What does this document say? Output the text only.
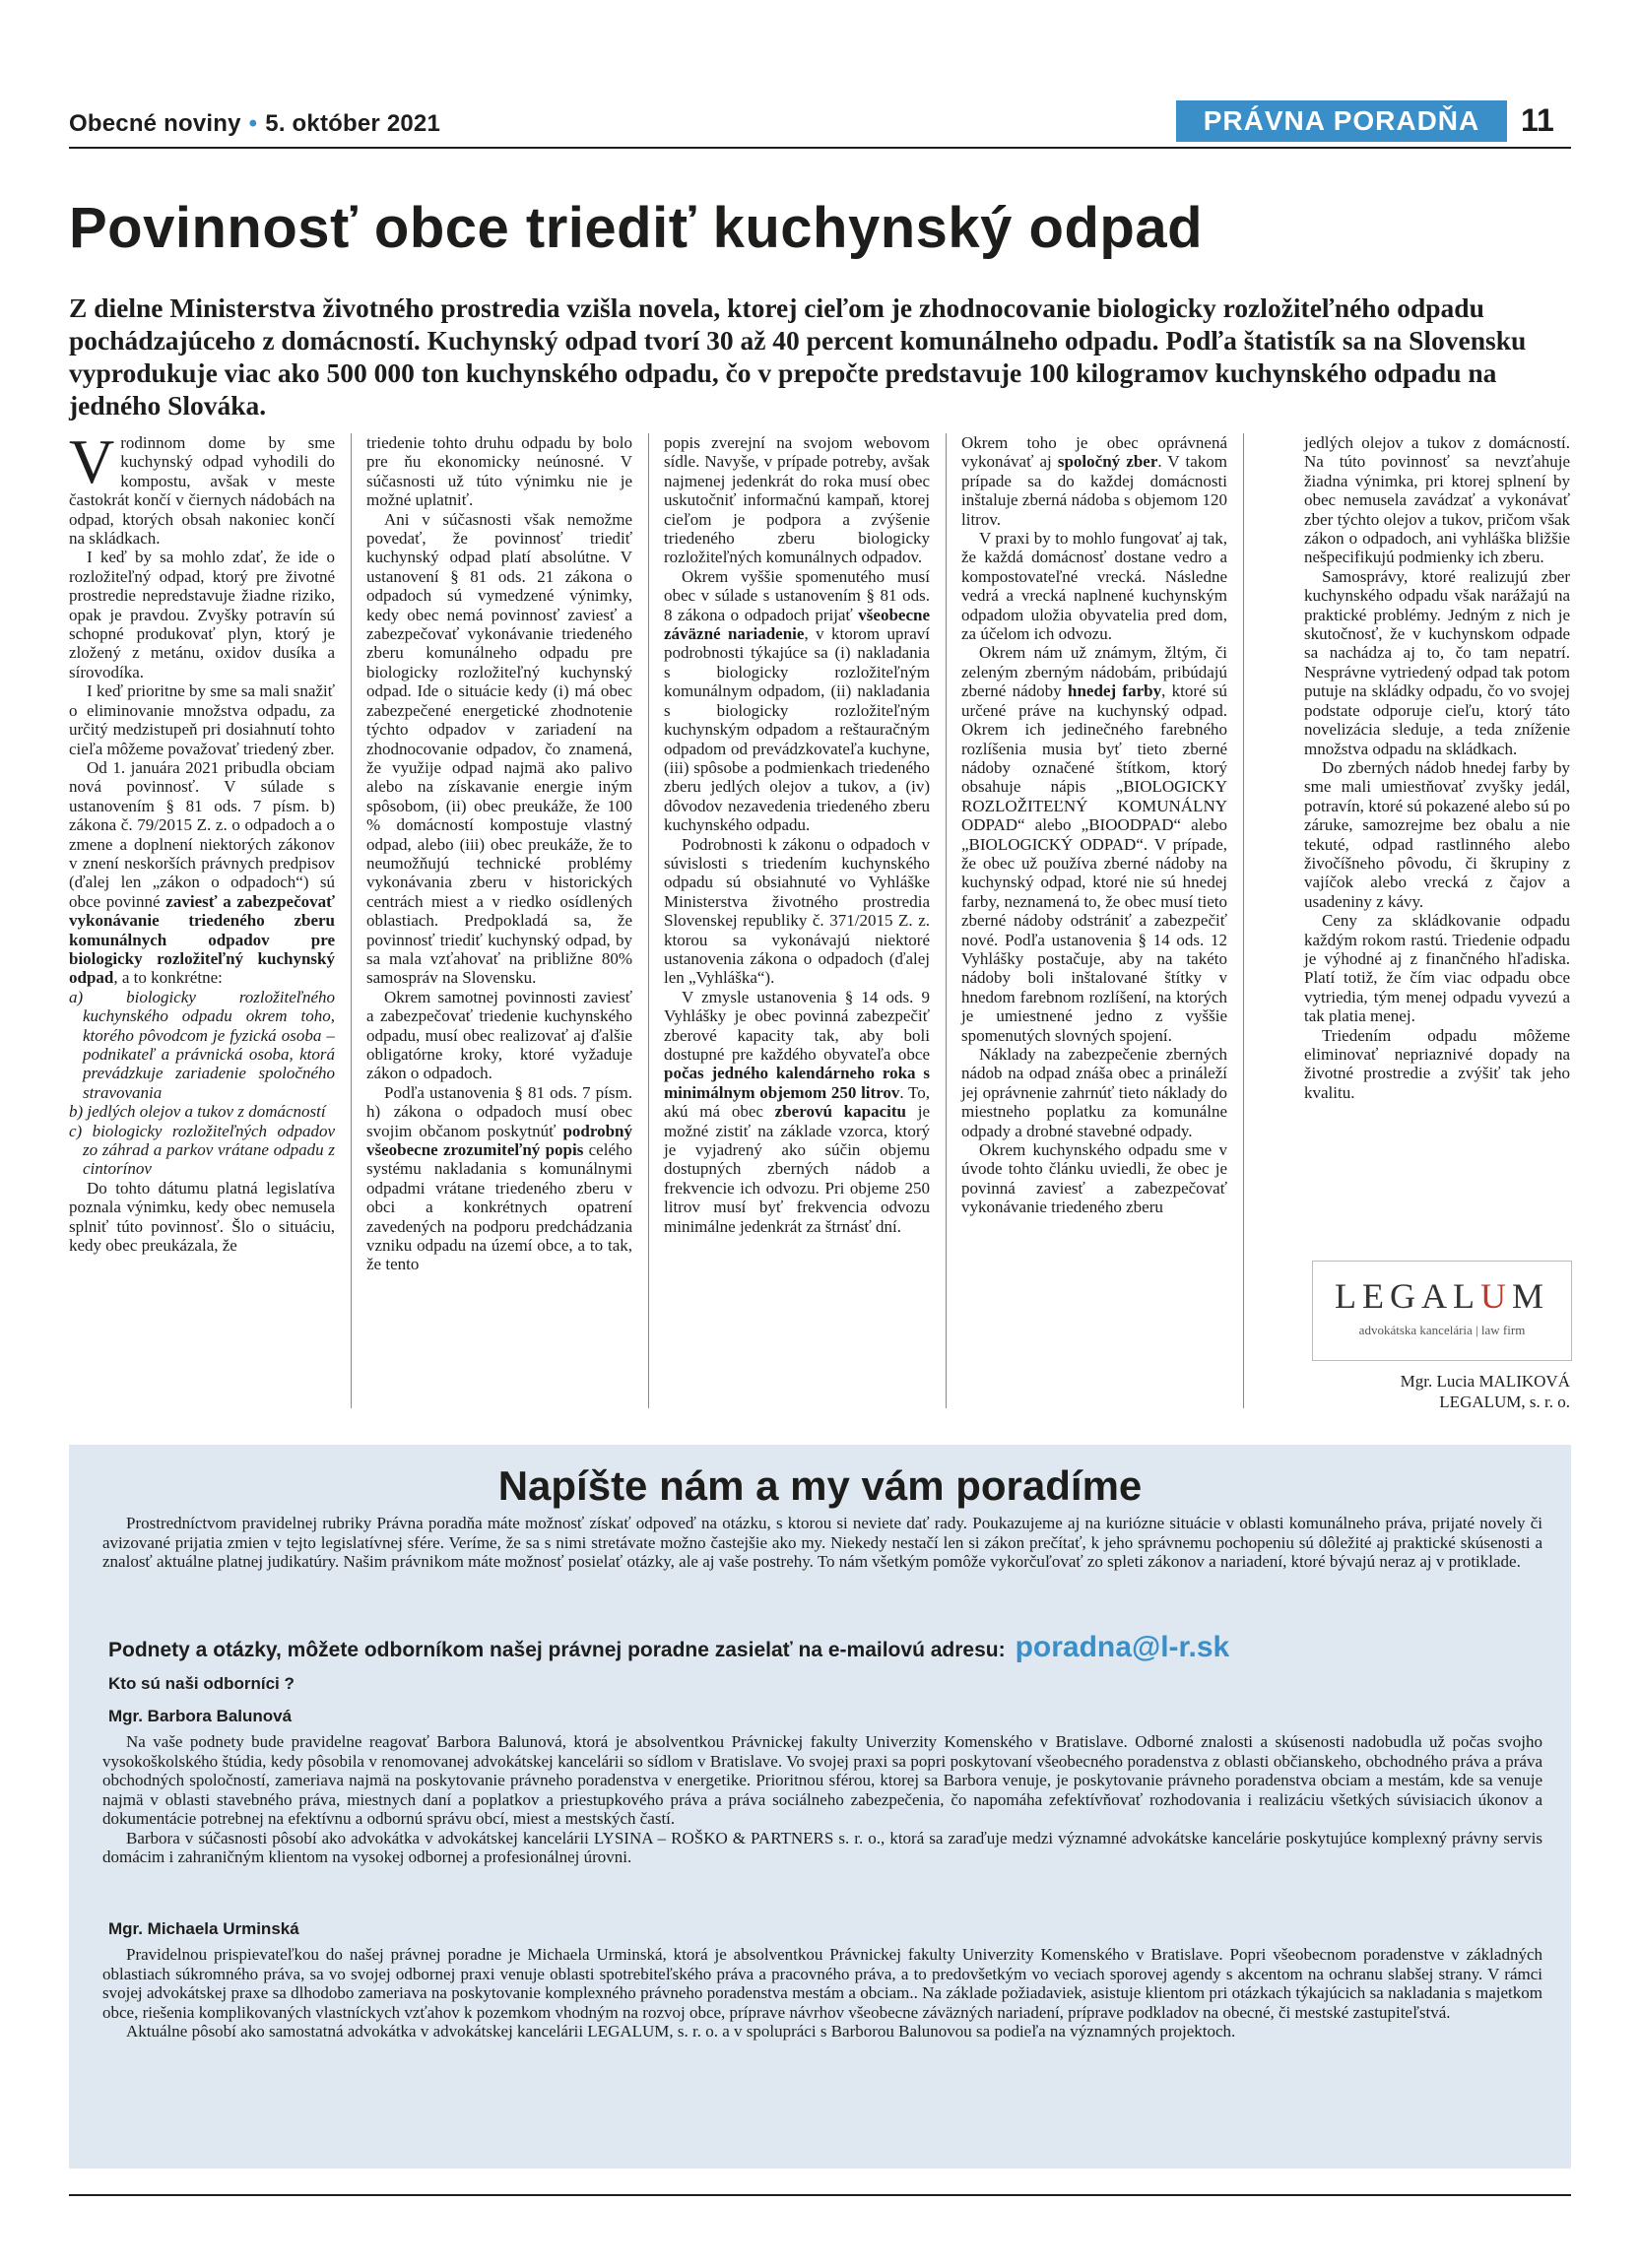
Obecné noviny • 5. október 2021	PRÁVNA PORADŇA	11
Povinnosť obce triediť kuchynský odpad
Z dielne Ministerstva životného prostredia vzišla novela, ktorej cieľom je zhodnocovanie biologicky rozložiteľného odpadu pochádzajúceho z domácností. Kuchynský odpad tvorí 30 až 40 percent komunálneho odpadu. Podľa štatistík sa na Slovensku vyprodukuje viac ako 500 000 ton kuchynského odpadu, čo v prepočte predstavuje 100 kilogramov kuchynského odpadu na jedného Slováka.

Vrodinnom dome by sme kuchynský odpad vyhodili do kompostu, avšak v mestе častokrát končí v čiernych nádobách na odpad, ktorých obsah nakoniec končí na skládkach.

I keď by sa mohlo zdať, že ide o rozložiteľný odpad, ktorý pre životné prostredie nepredstavuje žiadne riziko, opak je pravdou. Zvyšky potravín sú schopné produkovať plyn, ktorý je zložený z metánu, oxidov dusíka a sírovodíka.

I keď prioritne by sme sa mali snažiť o eliminovanie množstva odpadu, za určitý medzistupeň pri dosiahnutí tohto cieľa môžeme považovať triedený zber.

Od 1. januára 2021 pribudla obciam nová povinnosť. V súlade s ustanovením § 81 ods. 7 písm. b) zákona č. 79/2015 Z. z. o odpadoch a o zmene a doplnení niektorých zákonov v znení neskorších právnych predpisov (ďalej len „zákon o odpadoch“) sú obce povinné zaviesť a zabezpečovať vykonávanie triedeného zberu komunálnych odpadov pre biologicky rozložiteľný kuchynský odpad, a to konkrétne:

a) biologicky rozložiteľného kuchynského odpadu okrem toho, ktorého pôvodcom je fyzická osoba – podnikateľ a právnická osoba, ktorá prevádzkuje zariadenie spoločného stravovania

b) jedlých olejov a tukov z domácností

c) biologicky rozložiteľných odpadov zo záhrad a parkov vrátane odpadu z cintorínov

Do tohto dátumu platná legislatíva poznala výnimku, kedy obec nemusela splniť túto povinnosť. Šlo o situáciu, kedy obec preukázala, že

triedenie tohto druhu odpadu by bolo pre ňu ekonomicky neúnosné. V súčasnosti už túto výnimku nie je možné uplatniť.

Ani v súčasnosti však nemožme povedať, že povinnosť triediť kuchynský odpad platí absolútne. V ustanovení § 81 ods. 21 zákona o odpadoch sú vymedzené výnimky, kedy obec nemá povinnosť zaviesť a zabezpečovať vykonávanie triedeného zberu komunálneho odpadu pre biologicky rozložiteľný kuchynský odpad. Ide o situácie kedy (i) má obec zabezpečené energetické zhodnotenie týchto odpadov v zariadení na zhodnocovanie odpadov, čo znamená, že využije odpad najmä ako palivo alebo na získavanie energie iným spôsobom, (ii) obec preukáže, že 100 % domácností kompostuje vlastný odpad, alebo (iii) obec preukáže, že to neumožňujú technické problémy vykonávania zberu v historických centrách miest a v riedko osídlených oblastiach. Predpokladá sa, že povinnosť triediť kuchynský odpad, by sa mala vzťahovať na približne 80% samospráv na Slovensku.

Okrem samotnej povinnosti zaviesť a zabezpečovať triedenie kuchynského odpadu, musí obec realizovať aj ďalšie obligatórne kroky, ktoré vyžaduje zákon o odpadoch.

Podľa ustanovenia § 81 ods. 7 písm. h) zákona o odpadoch musí obec svojim občanom poskytnúť podrobný všeobecne zrozumiteľný popis celého systému nakladania s komunálnymi odpadmi vrátane triedeného zberu v obci a konkrétnych opatrení zavedených na podporu predchádzania vzniku odpadu na území obce, a to tak, že tento

popis zverejní na svojom webovom sídle. Navyše, v prípade potreby, avšak najmenej jedenkrát do roka musí obec uskutočniť informačnú kampaň, ktorej cieľom je podpora a zvýšenie triedeného zberu biologicky rozložiteľných komunálnych odpadov.

Okrem vyššie spomenutého musí obec v súlade s ustanovením § 81 ods. 8 zákona o odpadoch prijať všeobecne záväzné nariadenie, v ktorom upraví podrobnosti týkajúce sa (i) nakladania s biologicky rozložiteľným komunálnym odpadom, (ii) nakladania s biologicky rozložiteľným kuchynským odpadom a reštauračným odpadom od prevádzkovateľa kuchyne, (iii) spôsobe a podmienkach triedeného zberu jedlých olejov a tukov, a (iv) dôvodov nezavedenia triedeného zberu kuchynského odpadu.

Podrobnosti k zákonu o odpadoch v súvislosti s triedením kuchynského odpadu sú obsiahnuté vo Vyhláške Ministerstva životného prostredia Slovenskej republiky č. 371/2015 Z. z. ktorou sa vykonávajú niektoré ustanovenia zákona o odpadoch (ďalej len „Vyhláška“).

V zmysle ustanovenia § 14 ods. 9 Vyhlášky je obec povinná zabezpečiť zberové kapacity tak, aby boli dostupné pre každého obyvateľa obce počas jedného kalendárneho roka s minimálnym objemom 250 litrov. To, akú má obec zberovú kapacitu je možné zistiť na základe vzorca, ktorý je vyjadrený ako súčin objemu dostupných zberných nádob a frekvencie ich odvozu. Pri objeme 250 litrov musí byť frekvencia odvozu minimálne jedenkrát za štrnásť dní.

Okrem toho je obec oprávnená vykonávať aj spoločný zber. V takom prípade sa do každej domácnosti inštaluje zberná nádoba s objemom 120 litrov.

V praxi by to mohlo fungovať aj tak, že každá domácnosť dostane vedro a kompostovateľné vrecká. Následne vedrá a vrecká naplnené kuchynským odpadom uložia obyvatelia pred dom, za účelom ich odvozu.

Okrem nám už známym, žltým, či zeleným zberným nádobám, pribúdajú zberné nádoby hnedej farby, ktoré sú určené práve na kuchynský odpad. Okrem ich jedinečného farebného rozlíšenia musia byť tieto zberné nádoby označené štítkom, ktorý obsahuje nápis „BIOLOGICKY ROZLOŽITEĽNÝ KOMUNÁLNY ODPAD“ alebo „BIOODPAD“ alebo „BIOLOGICKÝ ODPAD“. V prípade, že obec už používa zberné nádoby na kuchynský odpad, ktoré nie sú hnedej farby, neznamená to, že obec musí tieto zberné nádoby odstrániť a zabezpečiť nové. Podľa ustanovenia § 14 ods. 12 Vyhlášky postačuje, aby na takéto nádoby boli inštalované štítky v hnedom farebnom rozlíšení, na ktorých je umiestnené jedno z vyššie spomenutých slovných spojení.

Náklady na zabezpečenie zberných nádob na odpad znáša obec a prináleží jej oprávnenie zahrnúť tieto náklady do miestneho poplatku za komunálne odpady a drobné stavebné odpady.

Okrem kuchynského odpadu sme v úvode tohto článku uviedli, že obec je povinná zaviesť a zabezpečovať vykonávanie triedeného zberu

jedlých olejov a tukov z domácností. Na túto povinnosť sa nevzťahuje žiadna výnimka, pri ktorej splnení by obec nemusela zavádzať a vykonávať zber týchto olejov a tukov, pričom však zákon o odpadoch, ani vyhláška bližšie nešpecifikujú podmienky ich zberu.

Samosprávy, ktoré realizujú zber kuchynského odpadu však narážajú na praktické problémy. Jedným z nich je skutočnosť, že v kuchynskom odpade sa nachádza aj to, čo tam nepatrí. Nesprávne vytriedený odpad tak potom putuje na skládky odpadu, čo vo svojej podstate odporuje cieľu, ktorý táto novelizácia sleduje, a teda zníženie množstva odpadu na skládkach.

Do zberných nádob hnedej farby by sme mali umiestňovať zvyšky jedál, potravín, ktoré sú pokazené alebo sú po záruke, samozrejme bez obalu a nie tekuté, odpad rastlinného alebo živočíšneho pôvodu, či škrupiny z vajíčok alebo vrecká z čajov a usadeniny z kávy.

Ceny za skládkovanie odpadu každým rokom rastú. Triedenie odpadu je výhodné aj z finančného hľadiska. Platí totiž, že čím viac odpadu obce vytriedia, tým menej odpadu vyvezú a tak platia menej.

Triedením odpadu môžeme eliminovať nepriaznivé dopady na životné prostredie a zvýšiť tak jeho kvalitu.

LEGALUM
advokátska kancelária | law firm
Mgr. Lucia MALIKOVÁ
LEGALUM, s. r. o.
Napíšte nám a my vám poradíme

Prostredníctvom pravidelnej rubriky Právna poradňa máte možnosť získať odpoveď na otázku, s ktorou si neviete dať rady. Poukazujeme aj na kuriózne situácie v oblasti komunálneho práva, prijaté novely či avizované prijatia zmien v tejto legislatívnej sfére. Veríme, že sa s nimi stretávate možno častejšie ako my. Niekedy nestačí len si zákon prečítať, k jeho správnemu pochopeniu sú dôležité aj praktické skúsenosti a znalosť aktuálne platnej judikatúry. Našim právnikom máte možnosť posielať otázky, ale aj vaše postrehy. To nám všetkým pomôže vykorčuľovať zo spleti zákonov a nariadení, ktoré bývajú neraz aj v protiklade.

Podnety a otázky, môžete odborníkom našej právnej poradne zasielať na e-mailovú adresu: poradna@l-r.sk
Kto sú naši odborníci ?
Mgr. Barbora Balunová

Na vaše podnety bude pravidelne reagovať Barbora Balunová, ktorá je absolventkou Právnickej fakulty Univerzity Komenského v Bratislave. Odborné znalosti a skúsenosti nadobudla už počas svojho vysokoškolského štúdia, kedy pôsobila v renomovanej advokátskej kancelárii so sídlom v Bratislave. Vo svojej praxi sa popri poskytovaní všeobecného poradenstva z oblasti občianskeho, obchodného práva a práva obchodných spoločností, zameriava najmä na poskytovanie právneho poradenstva v energetike. Prioritnou sférou, ktorej sa Barbora venuje, je poskytovanie právneho poradenstva obciam a mestám, kde sa venuje najmä v oblasti stavebného práva, miestnych daní a poplatkov a priestupkového práva a práva sociálneho zabezpečenia, čo napomáha zefektívňovať rozhodovania i realizáciu všetkých súvisiacich úkonov a dokumentácie potrebnej na efektívnu a odbornú správu obcí, miest a mestských častí.

Barbora v súčasnosti pôsobí ako advokátka v advokátskej kancelárii LYSINA – ROŠKO & PARTNERS s. r. o., ktorá sa zaraďuje medzi významné advokátske kancelárie poskytujúce komplexný právny servis domácim i zahraničným klientom na vysokej odbornej a profesionálnej úrovni.

Mgr. Michaela Urminská

Pravidelnou prispievateľkou do našej právnej poradne je Michaela Urminská, ktorá je absolventkou Právnickej fakulty Univerzity Komenského v Bratislave. Popri všeobecnom poradenstve v základných oblastiach súkromného práva, sa vo svojej odbornej praxi venuje oblasti spotrebiteľského práva a pracovného práva, a to predovšetkým vo veciach sporovej agendy s akcentom na ochranu slabšej strany. V rámci svojej advokátskej praxe sa dlhodobo zameriava na poskytovanie komplexného právneho poradenstva mestám a obciam.. Na základe požiadaviek, asistuje klientom pri otázkach týkajúcich sa nakladania s majetkom obce, riešenia komplikovaných vlastníckych vzťahov k pozemkom vhodným na rozvoj obce, príprave návrhov všeobecne záväzných nariadení, príprave podkladov na obecné, či mestské zastupiteľstvá.

Aktuálne pôsobí ako samostatná advokátka v advokátskej kancelárii LEGALUM, s. r. o. a v spolupráci s Barborou Balunovou sa podieľa na významných projektoch.
